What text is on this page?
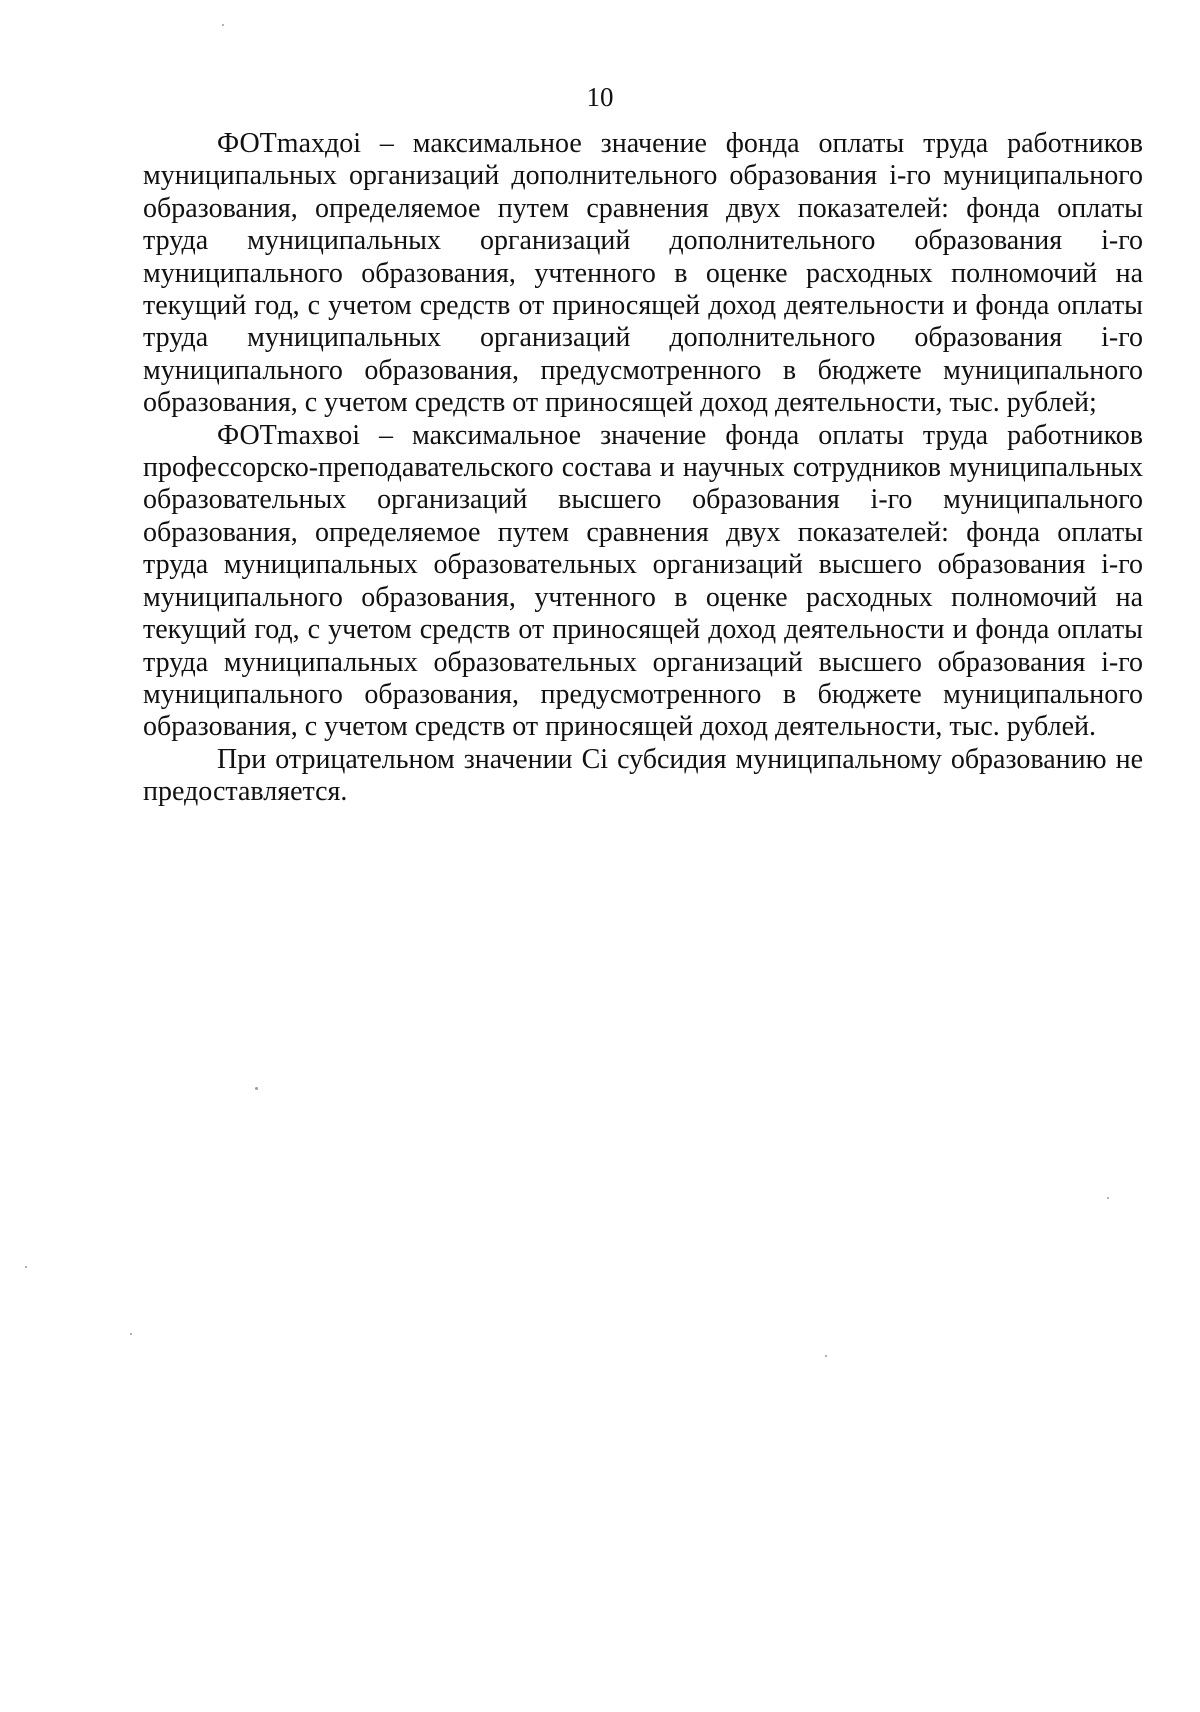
10

ФОТmaxдoi – максимальное значение фонда оплаты труда работников муниципальных организаций дополнительного образования i-го муниципального образования, определяемое путем сравнения двух показателей: фонда оплаты труда муниципальных организаций дополнительного образования i-го муниципального образования, учтенного в оценке расходных полномочий на текущий год, с учетом средств от приносящей доход деятельности и фонда оплаты труда муниципальных организаций дополнительного образования i-го муниципального образования, предусмотренного в бюджете муниципального образования, с учетом средств от приносящей доход деятельности, тыс. рублей;

ФОТmaxвoi – максимальное значение фонда оплаты труда работников профессорско-преподавательского состава и научных сотрудников муниципальных образовательных организаций высшего образования i-го муниципального образования, определяемое путем сравнения двух показателей: фонда оплаты труда муниципальных образовательных организаций высшего образования i-го муниципального образования, учтенного в оценке расходных полномочий на текущий год, с учетом средств от приносящей доход деятельности и фонда оплаты труда муниципальных образовательных организаций высшего образования i-го муниципального образования, предусмотренного в бюджете муниципального образования, с учетом средств от приносящей доход деятельности, тыс. рублей.

При отрицательном значении Ci субсидия муниципальному образованию не предоставляется.
